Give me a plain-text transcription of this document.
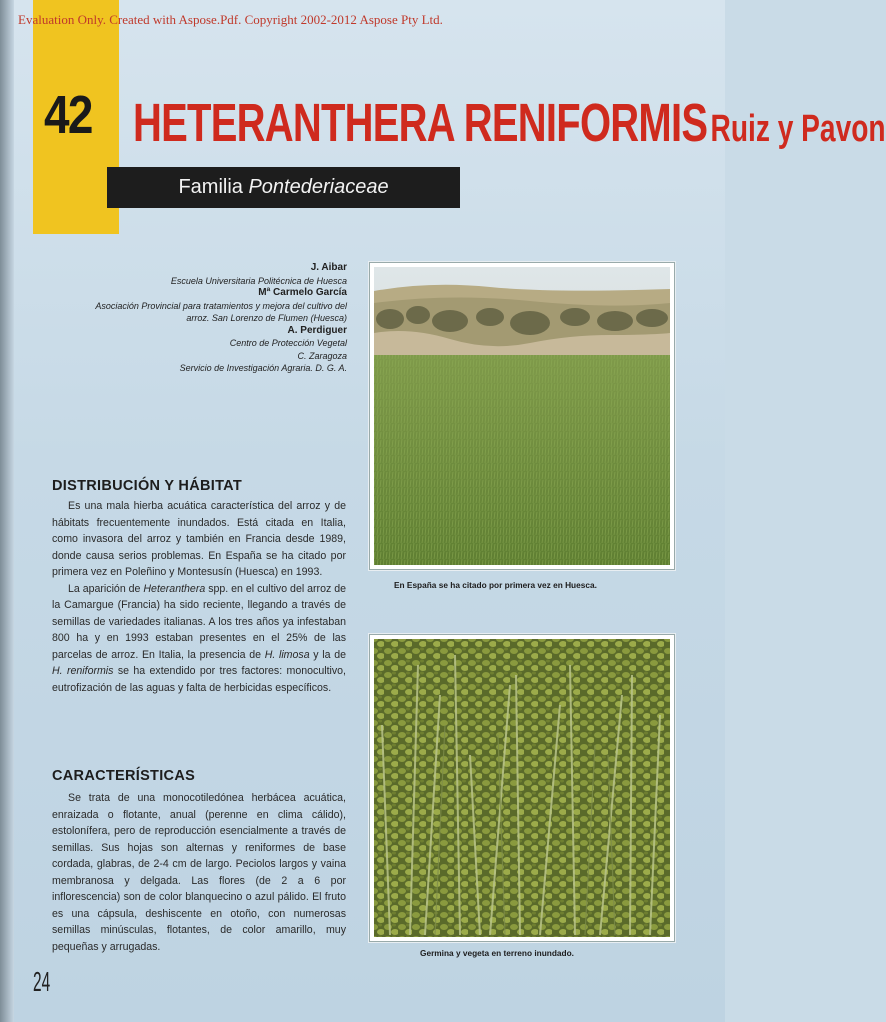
Evaluation Only. Created with Aspose.Pdf. Copyright 2002-2012 Aspose Pty Ltd.
42 HETERANTHERA RENIFORMIS Ruiz y Pavon
Familia Pontederiaceae
J. Aibar
Escuela Universitaria Politécnica de Huesca
Mª Carmelo García
Asociación Provincial para tratamientos y mejora del cultivo del
arroz. San Lorenzo de Flumen (Huesca)
A. Perdiguer
Centro de Protección Vegetal
C. Zaragoza
Servicio de Investigación Agraria. D. G. A.
DISTRIBUCIÓN Y HÁBITAT

Es una mala hierba acuática característica del arroz y de hábitats frecuentemente inundados. Está citada en Italia, como invasora del arroz y también en Francia desde 1989, donde causa serios problemas. En España se ha citado por primera vez en Poleñino y Montesusín (Huesca) en 1993.

La aparición de Heteranthera spp. en el cultivo del arroz de la Camargue (Francia) ha sido reciente, llegando a través de semillas de variedades italianas. A los tres años ya infestaban 800 ha y en 1993 estaban presentes en el 25% de las parcelas de arroz. En Italia, la presencia de H. limosa y la de H. reniformis se ha extendido por tres factores: monocultivo, eutrofización de las aguas y falta de herbicidas específicos.

CARACTERÍSTICAS

Se trata de una monocotiledónea herbácea acuática, enraizada o flotante, anual (perenne en clima cálido), estolonífera, pero de reproducción esencialmente a través de semillas. Sus hojas son alternas y reniformes de base cordada, glabras, de 2-4 cm de largo. Peciolos largos y vaina membranosa y delgada. Las flores (de 2 a 6 por inflorescencia) son de color blanquecino o azul pálido. El fruto es una cápsula, deshiscente en otoño, con numerosas semillas minúsculas, flotantes, de color amarillo, muy pequeñas y arrugadas.

En España se ha citado por primera vez en Huesca.
Germina y vegeta en terreno inundado.
24
